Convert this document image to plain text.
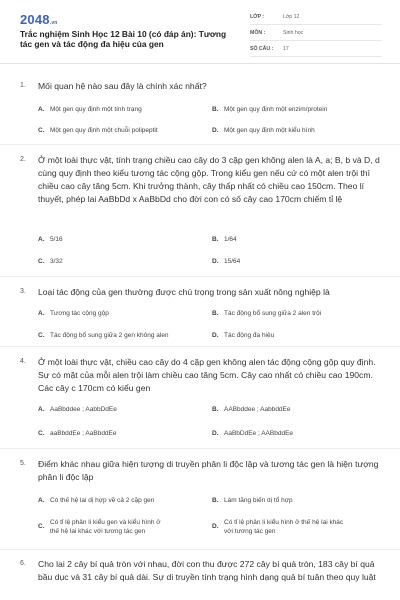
2048.vn
Trắc nghiệm Sinh Học 12 Bài 10 (có đáp án): Tương tác gen và tác động đa hiệu của gen
LỚP :	Lớp 12
MÔN :	Sinh học
SỐ CÂU : 17
1. Mối quan hệ nào sau đây là chính xác nhất?
A. Một gen quy định một tính trạng	B. Một gen quy định một enzim/protein
C. Một gen quy định một chuỗi polipeptit	D. Một gen quy định một kiểu hình
2. Ở một loài thực vật, tính trạng chiều cao cây do 3 cặp gen không alen là A, a; B, b và D, d cùng quy định theo kiểu tương tác cộng gộp. Trong kiểu gen nếu cứ có một alen trội thì chiều cao cây tăng 5cm. Khi trưởng thành, cây thấp nhất có chiều cao 150cm. Theo lí thuyết, phép lai AaBbDd x AaBbDd cho đời con có số cây cao 170cm chiếm tỉ lệ
A. 5/16	B. 1/64
C. 3/32	D. 15/64
3. Loại tác động của gen thường được chú trọng trong sản xuất nông nghiệp là
A. Tương tác cộng gộp	B. Tác động bổ sung giữa 2 alen trội
C. Tác động bổ sung giữa 2 gen không alen	D. Tác động đa hiệu
4. Ở một loài thực vật, chiều cao cây do 4 cặp gen không alen tác động cộng gộp quy định. Sự có mặt của mỗi alen trội làm chiều cao tăng 5cm. Cây cao nhất có chiều cao 190cm. Các cây c 170cm có kiểu gen
A. AaBbddee ; AabbDdEe	B. AABbddee ; AabbddEe
C. aaBbddEe ; AaBbddEe	D. AaBbDdEe ; AABbddEe
5. Điểm khác nhau giữa hiện tượng di truyền phân li độc lập và tương tác gen là hiện tượng phân li độc lập
A. Có thế hệ lai dị hợp về cả 2 cặp gen	B. Làm tăng biến dị tổ hợp
C.
Có tỉ lệ phân li kiểu gen và kiểu hình ở thế hệ lai khác với tương tác gen
D.
Có tỉ lệ phân li kiểu hình ở thế hệ lai khác với tương tác gen
6. Cho lai 2 cây bí quả tròn với nhau, đời con thu được 272 cây bí quả tròn, 183 cây bí quả bầu dục và 31 cây bí quả dài. Sự di truyền tính trạng hình dạng quả bí tuân theo quy luật
